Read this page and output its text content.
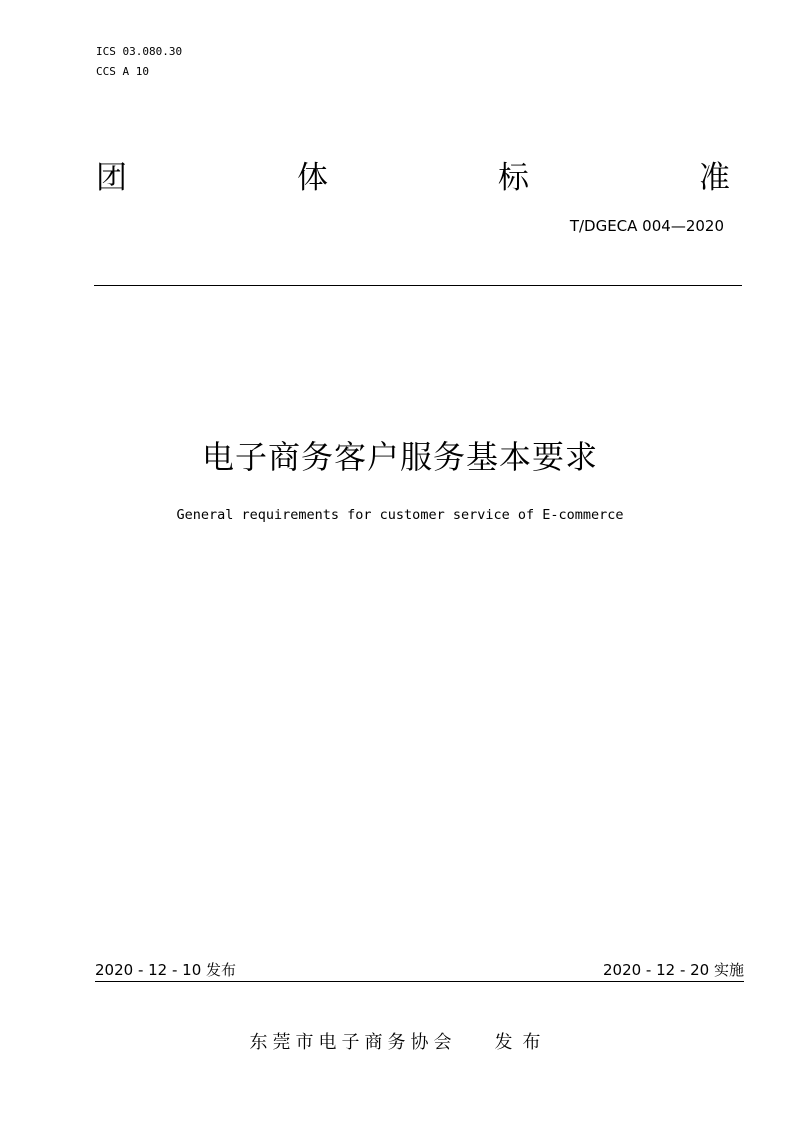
ICS 03.080.30
CCS A 10
团	体	标	准
T/DGECA 004—2020
电子商务客户服务基本要求
General requirements for customer service of E-commerce
2020 - 12 - 10 发布	2020 - 12 - 20 实施
东莞市电子商务协会 发布
